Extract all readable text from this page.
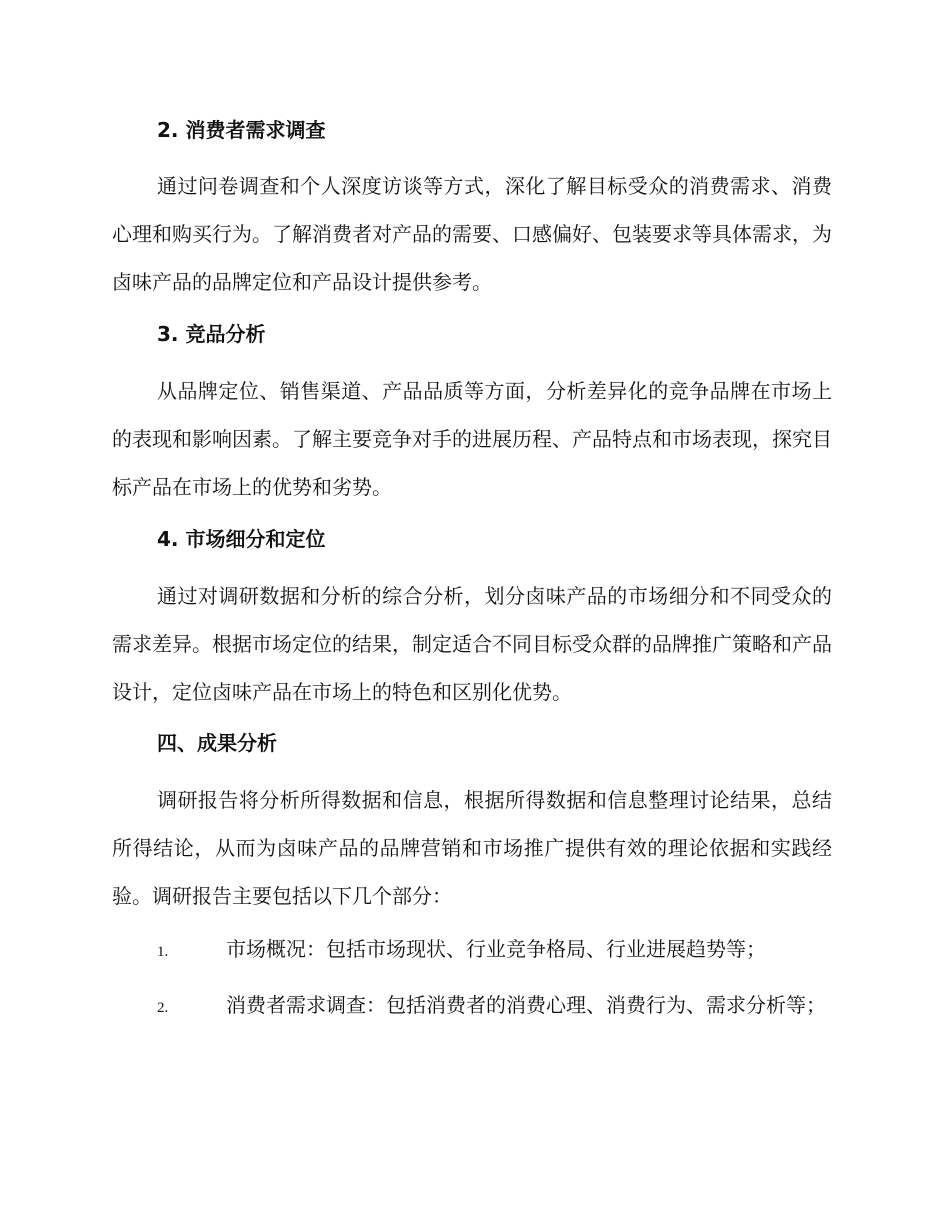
2. 消费者需求调查

通过问卷调查和个人深度访谈等方式，深化了解目标受众的消费需求、消费心理和购买行为。了解消费者对产品的需要、口感偏好、包装要求等具体需求，为卤味产品的品牌定位和产品设计提供参考。

3. 竞品分析

从品牌定位、销售渠道、产品品质等方面，分析差异化的竞争品牌在市场上的表现和影响因素。了解主要竞争对手的进展历程、产品特点和市场表现，探究目标产品在市场上的优势和劣势。

4. 市场细分和定位

通过对调研数据和分析的综合分析，划分卤味产品的市场细分和不同受众的需求差异。根据市场定位的结果，制定适合不同目标受众群的品牌推广策略和产品设计，定位卤味产品在市场上的特色和区别化优势。

四、成果分析

调研报告将分析所得数据和信息，根据所得数据和信息整理讨论结果，总结所得结论，从而为卤味产品的品牌营销和市场推广提供有效的理论依据和实践经验。调研报告主要包括以下几个部分：

1.	市场概况：包括市场现状、行业竞争格局、行业进展趋势等；

2.	消费者需求调查：包括消费者的消费心理、消费行为、需求分析等；
